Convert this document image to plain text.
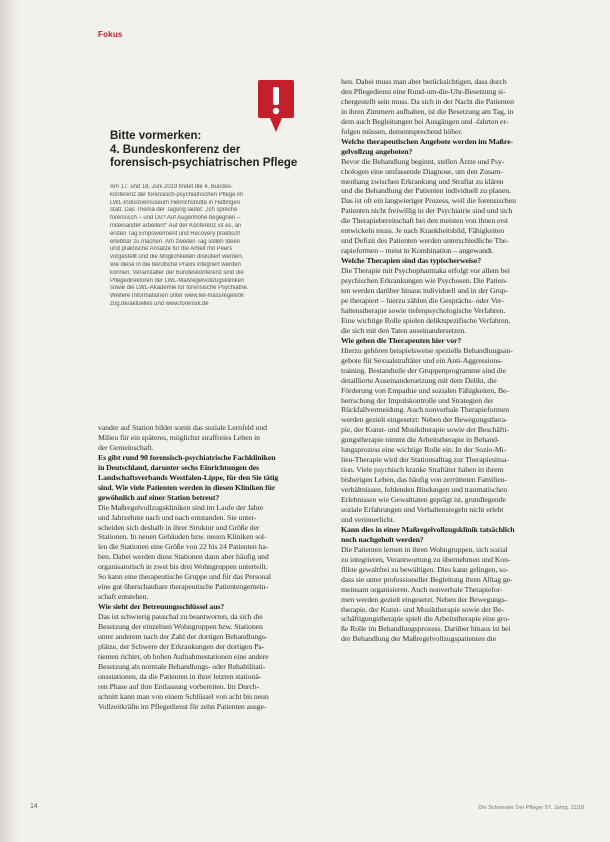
Fokus
Bitte vormerken:
4. Bundeskonferenz der
forensisch-psychiatrischen Pflege
Am 17. und 18. Juni 2019 findet die 4. Bundes-
konferenz der forensisch-psychiatrischen Pflege im
LWL-Industriemuseum Henrichshütte in Hattingen
statt. Das Thema der Tagung lautet: „Ich spreche
forensisch – und Du? Auf Augenhöhe begegnen –
miteinander arbeiten!“ Auf der Konferenz ist es, an
ersten Tag Empowerment und Recovery praktisch
erlebbar zu machen. Am zweiten Tag sollen Ideen
und praktische Ansätze für die Arbeit mit Peers
vorgestellt und die Möglichkeiten diskutiert werden,
wie diese in die berufliche Praxis integriert werden
können. Veranstalter der Bundeskonferenz sind die
Pflegedirektoren der LWL-Maßregelvollzugskliniken
sowie die LWL-Akademie für forensische Psychiatrie.
Weitere Informationen unter www.lwl-massregelvoll
zug.de/aktuelles und www.forensik.de
vander auf Station bildet somit das soziale Lernfeld und
Milieu für ein späteres, möglichst straffreies Leben in
der Gemeinschaft.
Es gibt rund 90 forensisch-psychiatrische Fachkliniken
in Deutschland, darunter sechs Einrichtungen des
Landschaftsverbands Westfalen-Lippe, für den Sie tätig
sind. Wie viele Patienten werden in diesen Kliniken für
gewöhnlich auf einer Station betreut?
Die Maßregelvollzugskliniken sind im Laufe der Jahre
und Jahrzehnte nach und nach entstanden. Sie unter-
scheiden sich deshalb in ihrer Struktur und Größe der
Stationen. In neuen Gebäuden bzw. neuen Kliniken sol-
len die Stationen eine Größe von 22 bis 24 Patienten ha-
ben. Dabei werden diese Stationen dann aber häufig und
organisatorisch in zwei bis drei Wohngruppen unterteilt.
So kann eine therapeutische Gruppe und für das Personal
eine gut überschaubare therapeutische Patientengemein-
schaft entstehen.
Wie sieht der Betreuungsschlüssel aus?
Das ist schwierig pauschal zu beantworten, da sich die
Besetzung der einzelnen Wohngruppen bzw. Stationen
unter anderem nach der Zahl der dortigen Behandlungs-
plätze, der Schwere der Erkrankungen der dortigen Pa-
tienten richtet, ob hohen Aufnahmestationen eine andere
Besetzung als normale Behandlungs- oder Rehabilitati-
onsstationen, da die Patienten in ihrer letzten stationä-
ren Phase auf ihre Entlassung vorbereiten. Im Durch-
schnitt kann man von einem Schlüssel von acht bis neun
Vollzeitkräfte im Pflegedienst für zehn Patienten ausge-
hen. Dabei muss man aber berücksichtigen, dass durch
den Pflegedienst eine Rund-um-die-Uhr-Besetzung si-
chergestellt sein muss. Da sich in der Nacht die Patienten
in ihren Zimmern aufhalten, ist die Besetzung am Tag, in
dem auch Begleitungen bei Ausgängen und -fahrten er-
folgen müssen, dementsprechend höher.
Welche therapeutischen Angebote werden im Maßre-
gelvollzug angeboten?
Bevor die Behandlung beginnt, stellen Ärzte und Psy-
chologen eine umfassende Diagnose, um den Zusam-
menhang zwischen Erkrankung und Straftat zu klären
und die Behandlung der Patienten individuell zu planen.
Das ist oft ein langwieriger Prozess, weil die forensischen
Patienten nicht freiwillig in der Psychiatrie sind und sich
die Therapiebereitschaft bei den meisten von ihnen erst
entwickeln muss. Je nach Krankheitsbild, Fähigkeiten
und Defizit des Patienten werden unterschiedliche The-
rapieformen – meist in Kombination – angewandt.
Welche Therapien sind das typischerweise?
Die Therapie mit Psychopharmaka erfolgt vor allem bei
psychischen Erkrankungen wie Psychosen. Die Patien-
ten werden darüber hinaus individuell und in der Grup-
pe therapiert – hierzu zählen die Gesprächs- oder Ver-
haltenstherapie sowie tiefenpsychologische Verfahren.
Eine wichtige Rolle spielen deliktspezifische Verfahren,
die sich mit den Taten auseinandersetzen.
Wie gehen die Therapeuten hier vor?
Hierzu gehören beispielsweise spezielle Behandlungsan-
gebote für Sexualstraftäter und ein Anti-Aggressions-
training. Bestandteile der Gruppenprogramme sind die
detaillierte Auseinandersetzung mit dem Delikt, die
Förderung von Empathie und sozialen Fähigkeiten, Be-
herrschung der Impulskontrolle und Strategien der
Rückfallvermeidung. Auch nonverbale Therapieformen
werden gezielt eingesetzt: Neben der Bewegungsthera-
pie, der Kunst- und Musiktherapie sowie der Beschäfti-
gungstherapie nimmt die Arbeitstherapie in Behand-
lungsprozess eine wichtige Rolle ein. In der Sozio-Mi-
lieu-Therapie wird der Stationsalltag zur Therapiesitua-
tion. Viele psychisch kranke Straftäter haben in ihrem
bisherigen Leben, das häufig von zerrütteten Familien-
verhältnissen, fehlenden Bindungen und traumatischen
Erlebnissen wie Gewalttaten geprägt ist, grundlegende
soziale Erfahrungen und Verhaltensregeln nicht erlebt
und verinnerlicht.
Kann dies in einer Maßregelvollzugsklinik tatsächlich
noch nachgeholt werden?
Die Patienten lernen in ihren Wohngruppen, sich sozial
zu integrieren, Verantwortung zu übernehmen und Kon-
flikte gewaltfrei zu bewältigen. Dies kann gelingen, so-
dass sie unter professioneller Begleitung ihren Alltag ge-
meinsam organisieren. Auch nonverbale Therapiefor-
men werden gezielt eingesetzt. Neben der Bewegungs-
therapie, der Kunst- und Musiktherapie sowie der Be-
schäftigungstherapie spielt die Arbeitstherapie eine gro-
ße Rolle im Behandlungsprozess. Darüber hinaus ist bei
der Behandlung der Maßregelvollzugspatienten die
14	Die Schwester Der Pfleger 57. Jahrg. 11|18
